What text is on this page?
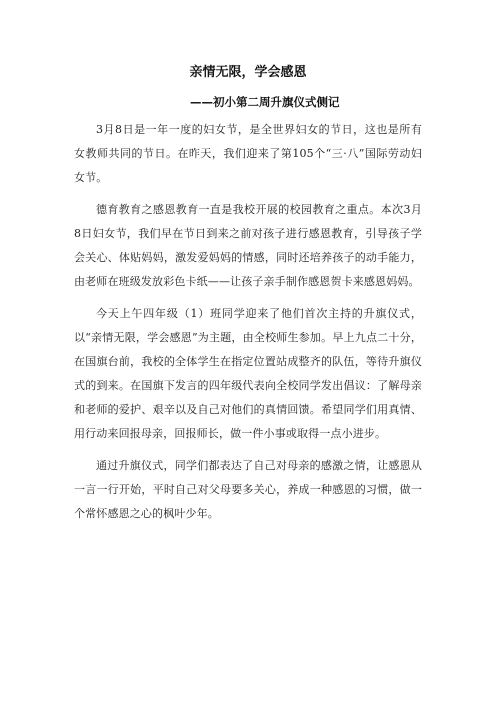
亲情无限，学会感恩
——初小第二周升旗仪式侧记

3月8日是一年一度的妇女节，是全世界妇女的节日，这也是所有女教师共同的节日。在昨天，我们迎来了第105个“三·八”国际劳动妇女节。

德育教育之感恩教育一直是我校开展的校园教育之重点。本次3月8日妇女节，我们早在节日到来之前对孩子进行感恩教育，引导孩子学会关心、体贴妈妈，激发爱妈妈的情感，同时还培养孩子的动手能力，由老师在班级发放彩色卡纸——让孩子亲手制作感恩贺卡来感恩妈妈。

今天上午四年级（1）班同学迎来了他们首次主持的升旗仪式，以“亲情无限，学会感恩”为主题，由全校师生参加。早上九点二十分，在国旗台前，我校的全体学生在指定位置站成整齐的队伍，等待升旗仪式的到来。在国旗下发言的四年级代表向全校同学发出倡议：了解母亲和老师的爱护、艰辛以及自己对他们的真情回馈。希望同学们用真情、用行动来回报母亲，回报师长，做一件小事或取得一点小进步。

通过升旗仪式，同学们都表达了自己对母亲的感激之情，让感恩从一言一行开始，平时自己对父母要多关心，养成一种感恩的习惯，做一个常怀感恩之心的枫叶少年。
